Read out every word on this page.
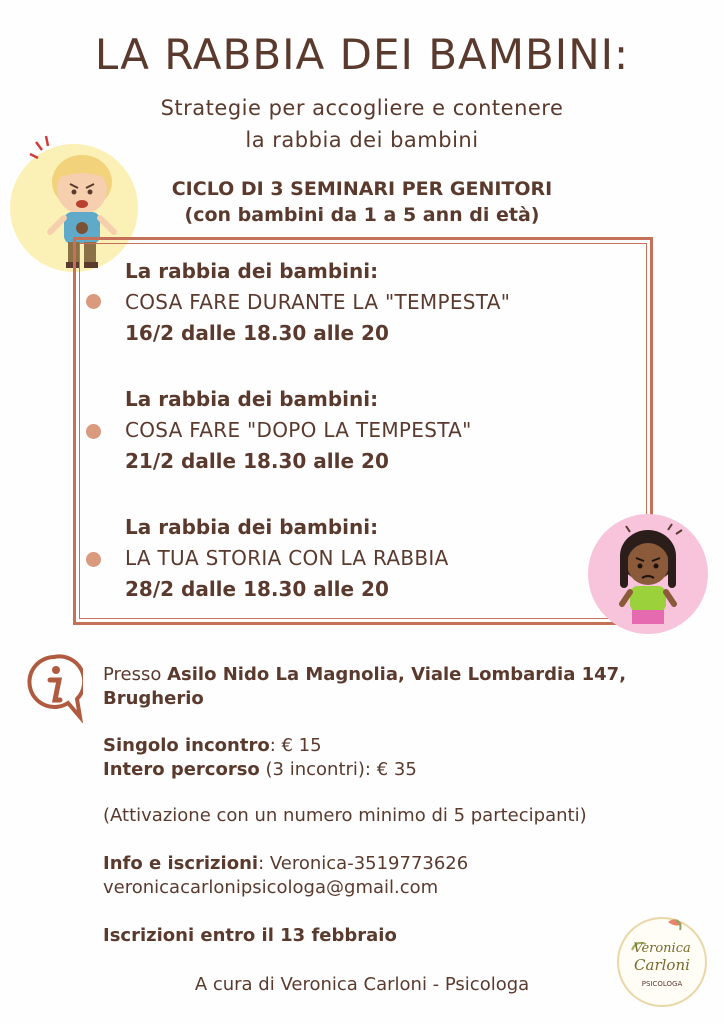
LA RABBIA DEI BAMBINI:
Strategie per accogliere e contenere
la rabbia dei bambini
CICLO DI 3 SEMINARI PER GENITORI
(con bambini da 1 a 5 ann di età)
La rabbia dei bambini:
COSA FARE DURANTE LA "TEMPESTA"
16/2 dalle 18.30 alle 20
La rabbia dei bambini:
COSA FARE "DOPO LA TEMPESTA"
21/2 dalle 18.30 alle 20
La rabbia dei bambini:
LA TUA STORIA CON LA RABBIA
28/2 dalle 18.30 alle 20
Presso Asilo Nido La Magnolia, Viale Lombardia 147,
Brugherio
Singolo incontro: € 15
Intero percorso (3 incontri): € 35
(Attivazione con un numero minimo di 5 partecipanti)
Info e iscrizioni: Veronica-3519773626
veronicacarlonipsicologa@gmail.com
Iscrizioni entro il 13 febbraio
A cura di Veronica Carloni - Psicologa
Veronica
Carloni
PSICOLOGA
